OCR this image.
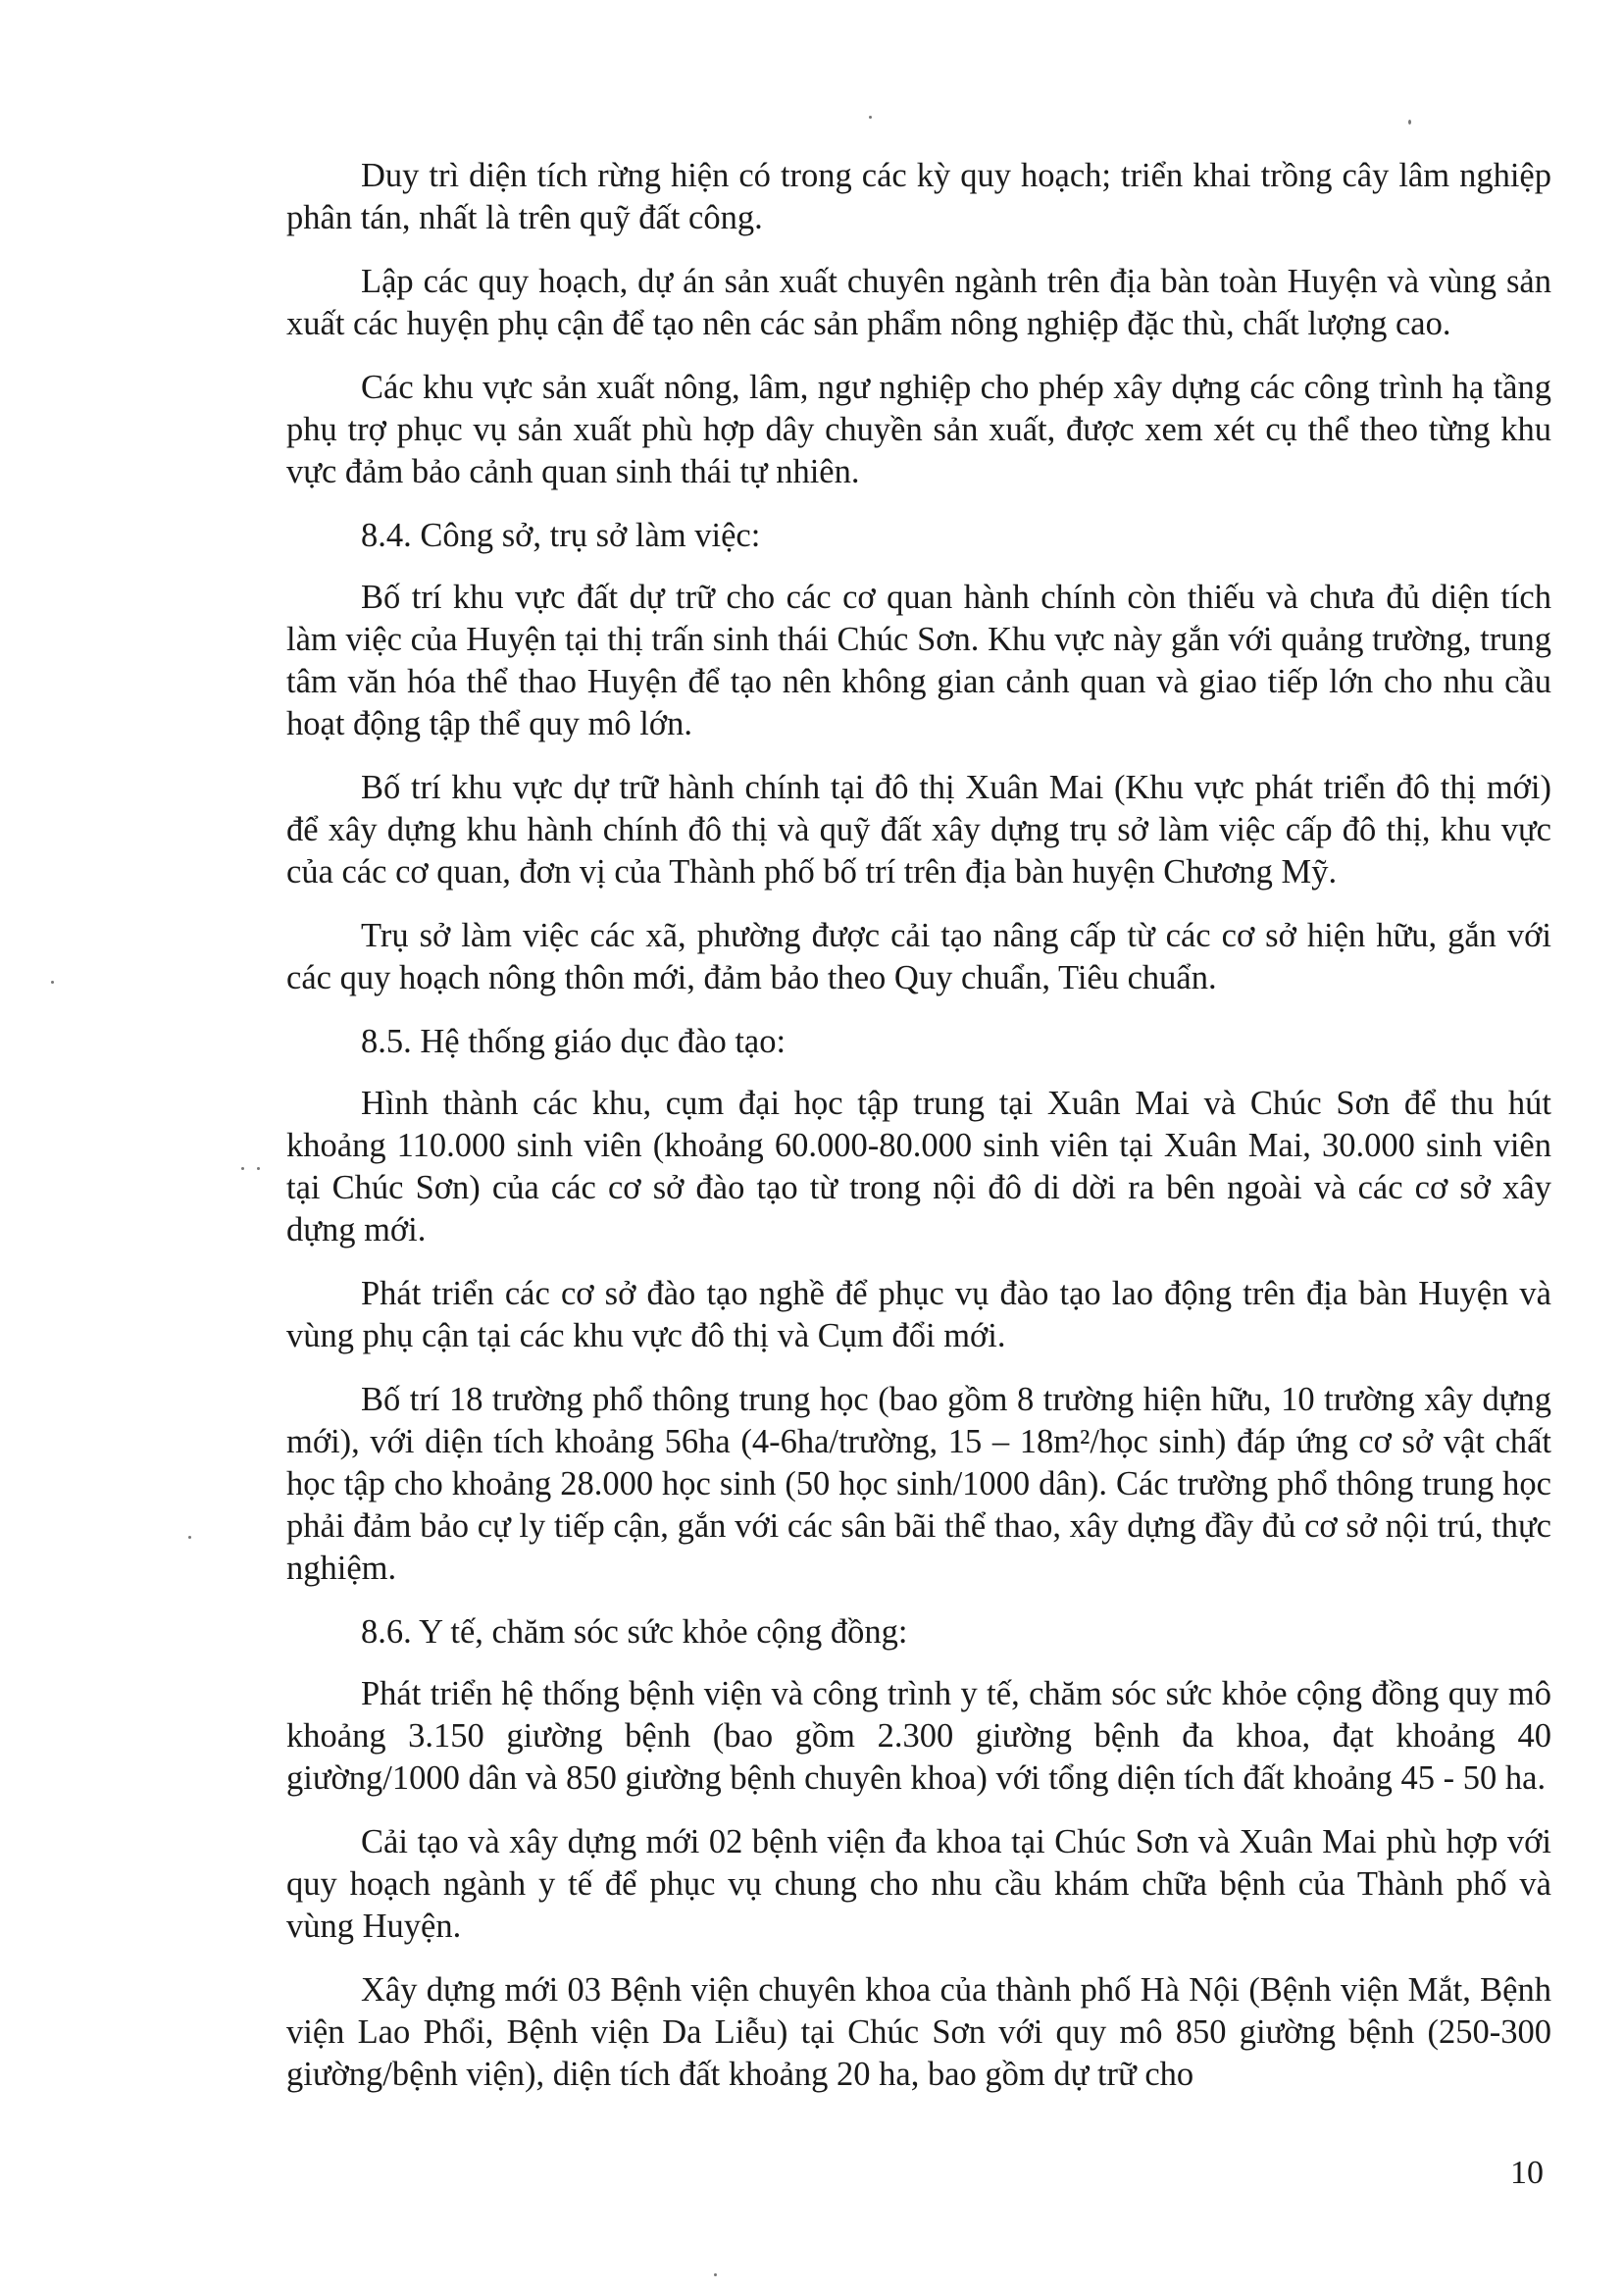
Duy trì diện tích rừng hiện có trong các kỳ quy hoạch; triển khai trồng cây lâm nghiệp phân tán, nhất là trên quỹ đất công.

Lập các quy hoạch, dự án sản xuất chuyên ngành trên địa bàn toàn Huyện và vùng sản xuất các huyện phụ cận để tạo nên các sản phẩm nông nghiệp đặc thù, chất lượng cao.

Các khu vực sản xuất nông, lâm, ngư nghiệp cho phép xây dựng các công trình hạ tầng phụ trợ phục vụ sản xuất phù hợp dây chuyền sản xuất, được xem xét cụ thể theo từng khu vực đảm bảo cảnh quan sinh thái tự nhiên.

8.4. Công sở, trụ sở làm việc:

Bố trí khu vực đất dự trữ cho các cơ quan hành chính còn thiếu và chưa đủ diện tích làm việc của Huyện tại thị trấn sinh thái Chúc Sơn. Khu vực này gắn với quảng trường, trung tâm văn hóa thể thao Huyện để tạo nên không gian cảnh quan và giao tiếp lớn cho nhu cầu hoạt động tập thể quy mô lớn.

Bố trí khu vực dự trữ hành chính tại đô thị Xuân Mai (Khu vực phát triển đô thị mới) để xây dựng khu hành chính đô thị và quỹ đất xây dựng trụ sở làm việc cấp đô thị, khu vực của các cơ quan, đơn vị của Thành phố bố trí trên địa bàn huyện Chương Mỹ.

Trụ sở làm việc các xã, phường được cải tạo nâng cấp từ các cơ sở hiện hữu, gắn với các quy hoạch nông thôn mới, đảm bảo theo Quy chuẩn, Tiêu chuẩn.

8.5. Hệ thống giáo dục đào tạo:

Hình thành các khu, cụm đại học tập trung tại Xuân Mai và Chúc Sơn để thu hút khoảng 110.000 sinh viên (khoảng 60.000-80.000 sinh viên tại Xuân Mai, 30.000 sinh viên tại Chúc Sơn) của các cơ sở đào tạo từ trong nội đô di dời ra bên ngoài và các cơ sở xây dựng mới.

Phát triển các cơ sở đào tạo nghề để phục vụ đào tạo lao động trên địa bàn Huyện và vùng phụ cận tại các khu vực đô thị và Cụm đổi mới.

Bố trí 18 trường phổ thông trung học (bao gồm 8 trường hiện hữu, 10 trường xây dựng mới), với diện tích khoảng 56ha (4-6ha/trường, 15 – 18m²/học sinh) đáp ứng cơ sở vật chất học tập cho khoảng 28.000 học sinh (50 học sinh/1000 dân). Các trường phổ thông trung học phải đảm bảo cự ly tiếp cận, gắn với các sân bãi thể thao, xây dựng đầy đủ cơ sở nội trú, thực nghiệm.

8.6. Y tế, chăm sóc sức khỏe cộng đồng:

Phát triển hệ thống bệnh viện và công trình y tế, chăm sóc sức khỏe cộng đồng quy mô khoảng 3.150 giường bệnh (bao gồm 2.300 giường bệnh đa khoa, đạt khoảng 40 giường/1000 dân và 850 giường bệnh chuyên khoa) với tổng diện tích đất khoảng 45 - 50 ha.

Cải tạo và xây dựng mới 02 bệnh viện đa khoa tại Chúc Sơn và Xuân Mai phù hợp với quy hoạch ngành y tế để phục vụ chung cho nhu cầu khám chữa bệnh của Thành phố và vùng Huyện.

Xây dựng mới 03 Bệnh viện chuyên khoa của thành phố Hà Nội (Bệnh viện Mắt, Bệnh viện Lao Phổi, Bệnh viện Da Liễu) tại Chúc Sơn với quy mô 850 giường bệnh (250-300 giường/bệnh viện), diện tích đất khoảng 20 ha, bao gồm dự trữ cho

10
